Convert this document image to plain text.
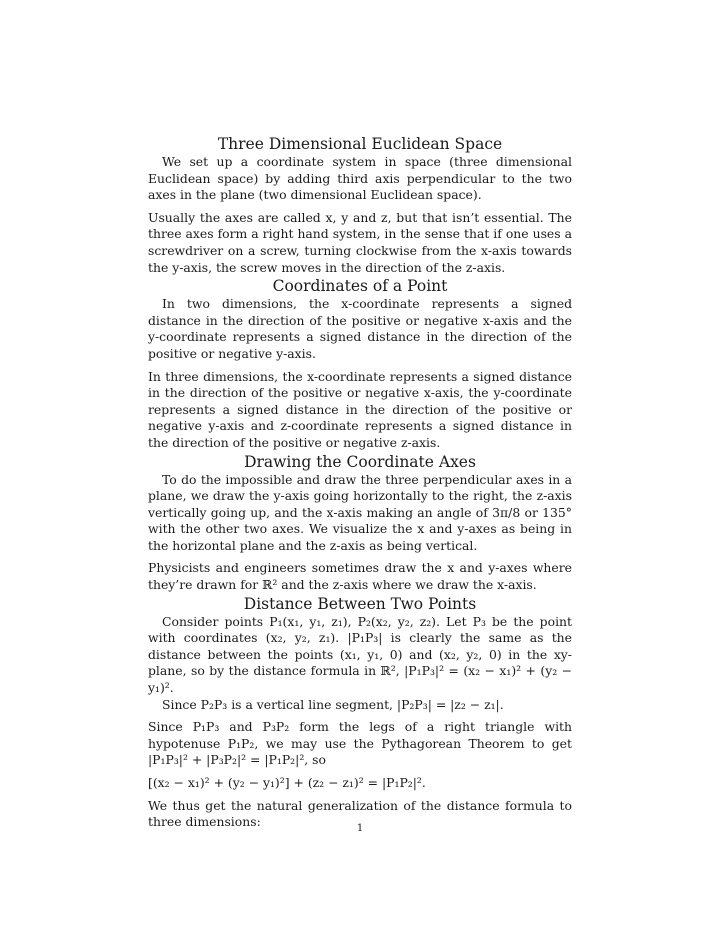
Three Dimensional Euclidean Space

We set up a coordinate system in space (three dimensional Euclidean space) by adding third axis perpendicular to the two axes in the plane (two dimensional Euclidean space).

Usually the axes are called x, y and z, but that isn’t essential. The three axes form a right hand system, in the sense that if one uses a screwdriver on a screw, turning clockwise from the x-axis towards the y-axis, the screw moves in the direction of the z-axis.

Coordinates of a Point

In two dimensions, the x-coordinate represents a signed distance in the direction of the positive or negative x-axis and the y-coordinate represents a signed distance in the direction of the positive or negative y-axis.

In three dimensions, the x-coordinate represents a signed distance in the direction of the positive or negative x-axis, the y-coordinate represents a signed distance in the direction of the positive or negative y-axis and z-coordinate represents a signed distance in the direction of the positive or negative z-axis.

Drawing the Coordinate Axes

To do the impossible and draw the three perpendicular axes in a plane, we draw the y-axis going horizontally to the right, the z-axis vertically going up, and the x-axis making an angle of 3π/8 or 135° with the other two axes. We visualize the x and y-axes as being in the horizontal plane and the z-axis as being vertical.

Physicists and engineers sometimes draw the x and y-axes where they’re drawn for ℝ² and the z-axis where we draw the x-axis.

Distance Between Two Points

Consider points P₁(x₁, y₁, z₁), P₂(x₂, y₂, z₂). Let P₃ be the point with coordinates (x₂, y₂, z₁). |P₁P₃| is clearly the same as the distance between the points (x₁, y₁, 0) and (x₂, y₂, 0) in the xy-plane, so by the distance formula in ℝ², |P₁P₃|² = (x₂ − x₁)² + (y₂ − y₁)².

Since P₂P₃ is a vertical line segment, |P₂P₃| = |z₂ − z₁|.

Since P₁P₃ and P₃P₂ form the legs of a right triangle with hypotenuse P₁P₂, we may use the Pythagorean Theorem to get |P₁P₃|² + |P₃P₂|² = |P₁P₂|², so

[(x₂ − x₁)² + (y₂ − y₁)²] + (z₂ − z₁)² = |P₁P₂|².

We thus get the natural generalization of the distance formula to three dimensions:	1
